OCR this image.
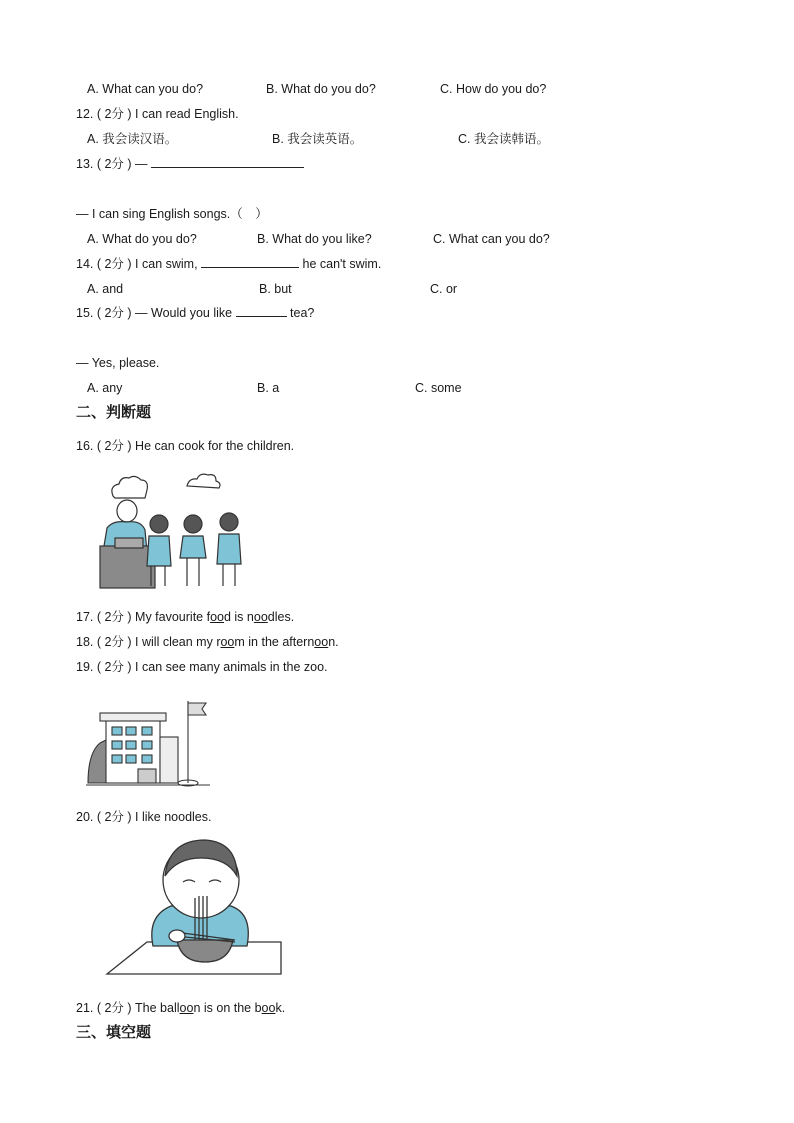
A. What can you do?	B. What do you do?	C. How do you do?
12. ( 2分 ) I can read English.
A. 我会读汉语。	B. 我会读英语。	C. 我会读韩语。
13. ( 2分 ) —
— I can sing English songs.（　）
A. What do you do?	B. What do you like?	C. What can you do?
14. ( 2分 ) I can swim,	he can't swim.
A. and	B. but	C. or
15. ( 2分 ) — Would you like	tea?
— Yes, please.
A. any	B. a	C. some
二、判断题
16. ( 2分 ) He can cook for the children.
17. ( 2分 ) My favourite food is noodles.
18. ( 2分 ) I will clean my room in the afternoon.
19. ( 2分 ) I can see many animals in the zoo.
20. ( 2分 ) I like noodles.
21. ( 2分 ) The balloon is on the book.
三、填空题
